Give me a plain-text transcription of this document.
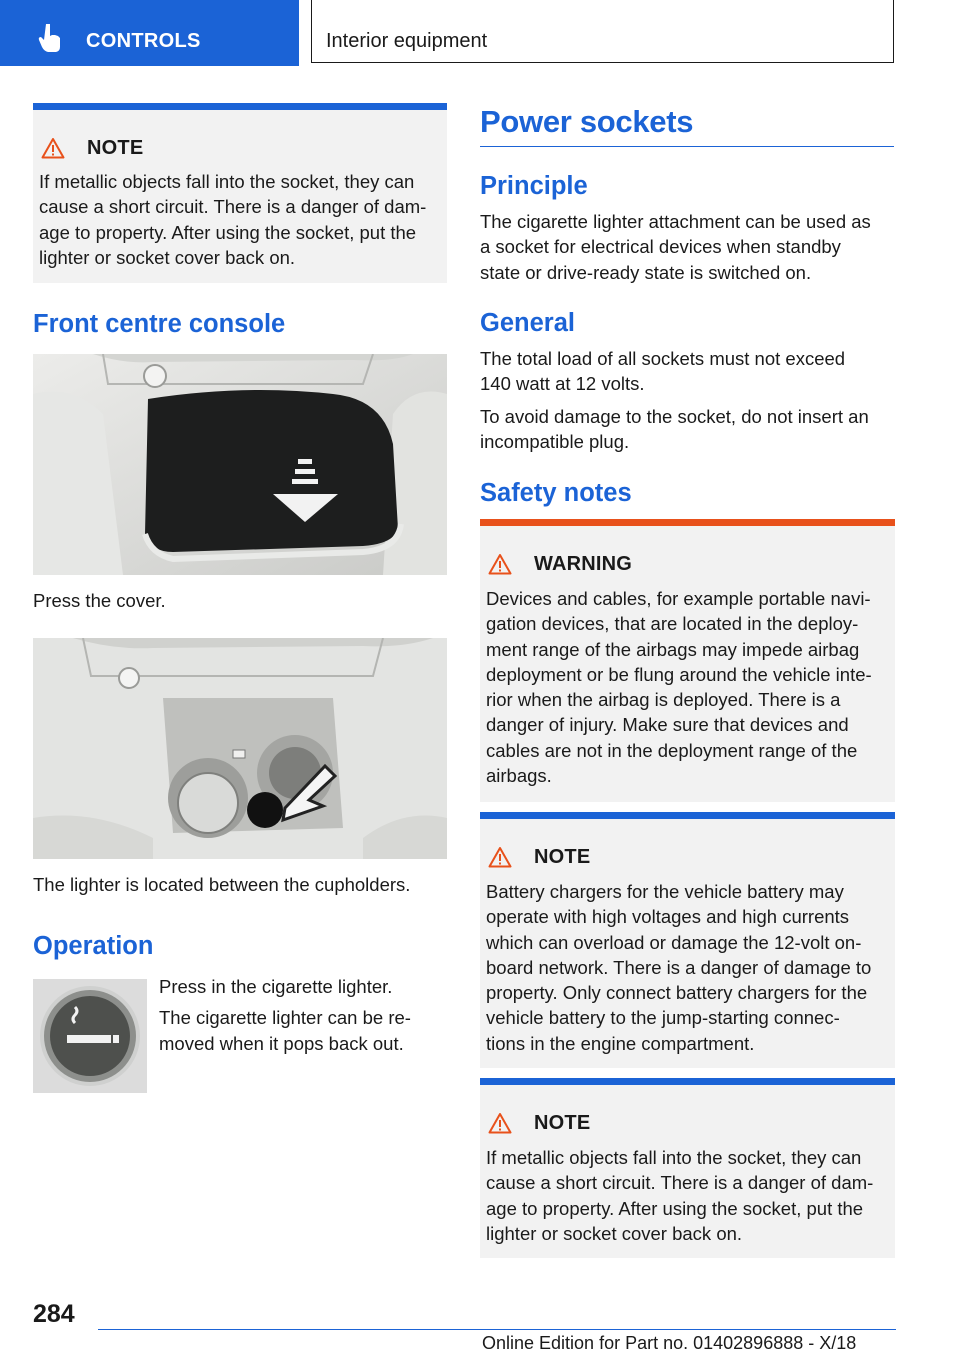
CONTROLS	Interior equipment
NOTE
If metallic objects fall into the socket, they can
cause a short circuit. There is a danger of dam‐
age to property. After using the socket, put the
lighter or socket cover back on.
Front centre console
Press the cover.
The lighter is located between the cupholders.
Operation
Press in the cigarette lighter.
The cigarette lighter can be re‐
moved when it pops back out.
Power sockets
Principle
The cigarette lighter attachment can be used as
a socket for electrical devices when standby
state or drive-ready state is switched on.
General
The total load of all sockets must not exceed
140 watt at 12 volts.
To avoid damage to the socket, do not insert an
incompatible plug.
Safety notes
WARNING
Devices and cables, for example portable navi‐
gation devices, that are located in the deploy‐
ment range of the airbags may impede airbag
deployment or be flung around the vehicle inte‐
rior when the airbag is deployed. There is a
danger of injury. Make sure that devices and
cables are not in the deployment range of the
airbags.
NOTE
Battery chargers for the vehicle battery may
operate with high voltages and high currents
which can overload or damage the 12-volt on‐
board network. There is a danger of damage to
property. Only connect battery chargers for the
vehicle battery to the jump-starting connec‐
tions in the engine compartment.
NOTE
If metallic objects fall into the socket, they can
cause a short circuit. There is a danger of dam‐
age to property. After using the socket, put the
lighter or socket cover back on.
284
Online Edition for Part no. 01402896888 - X/18
